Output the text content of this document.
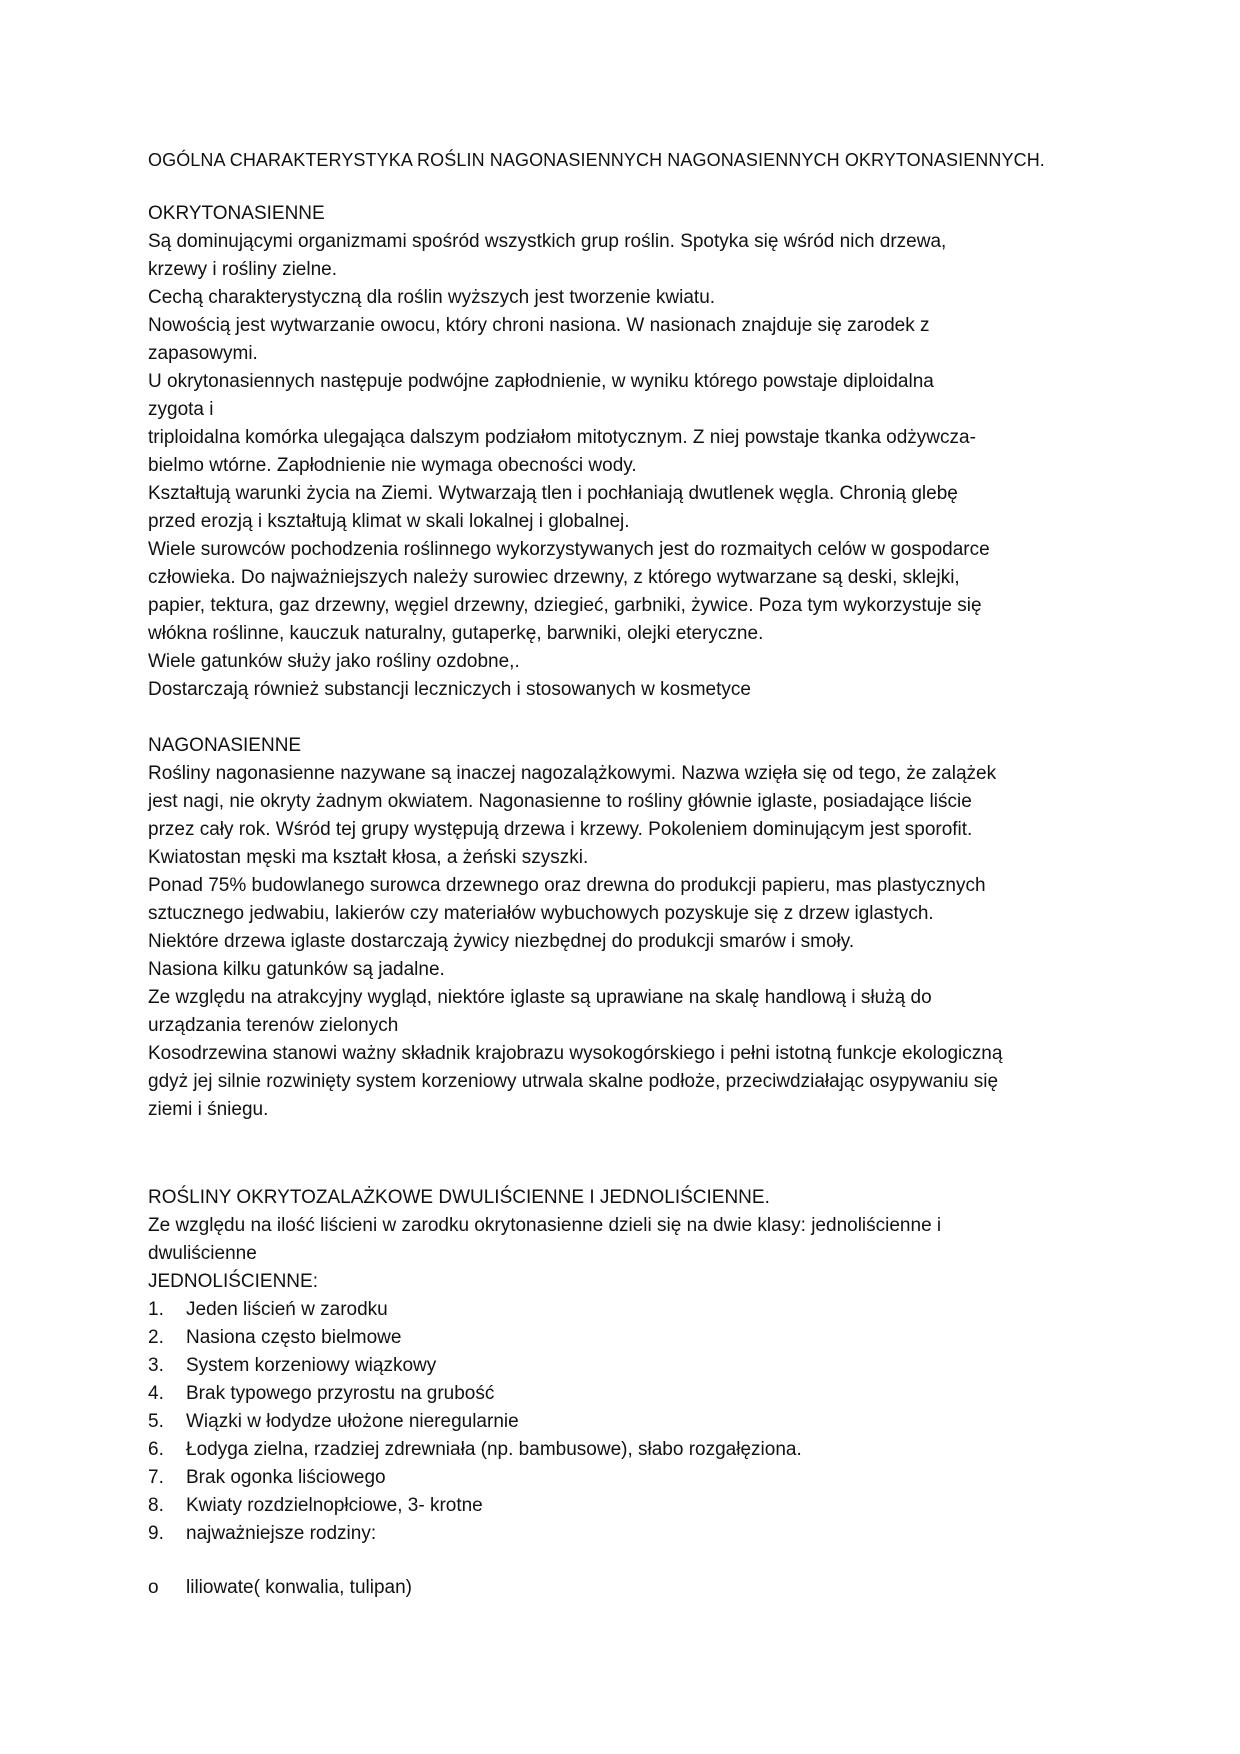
OGÓLNA CHARAKTERYSTYKA ROŚLIN NAGONASIENNYCH NAGONASIENNYCH OKRYTONASIENNYCH.

OKRYTONASIENNE

Są dominującymi organizmami spośród wszystkich grup roślin. Spotyka się wśród nich drzewa,
krzewy i rośliny zielne.

Cechą charakterystyczną dla roślin wyższych jest tworzenie kwiatu.

Nowością jest wytwarzanie owocu, który chroni nasiona. W nasionach znajduje się zarodek z
zapasowymi.

U okrytonasiennych następuje podwójne zapłodnienie, w wyniku którego powstaje diploidalna
zygota i

triploidalna komórka ulegająca dalszym podziałom mitotycznym. Z niej powstaje tkanka odżywcza-
bielmo wtórne. Zapłodnienie nie wymaga obecności wody.

Kształtują warunki życia na Ziemi. Wytwarzają tlen i pochłaniają dwutlenek węgla. Chronią glebę
przed erozją i kształtują klimat w skali lokalnej i globalnej.

Wiele surowców pochodzenia roślinnego wykorzystywanych jest do rozmaitych celów w gospodarce
człowieka. Do najważniejszych należy surowiec drzewny, z którego wytwarzane są deski, sklejki,
papier, tektura, gaz drzewny, węgiel drzewny, dziegieć, garbniki, żywice. Poza tym wykorzystuje się
włókna roślinne, kauczuk naturalny, gutaperkę, barwniki, olejki eteryczne.

Wiele gatunków służy jako rośliny ozdobne,.

Dostarczają również substancji leczniczych i stosowanych w kosmetyce

NAGONASIENNE

Rośliny nagonasienne nazywane są inaczej nagozalążkowymi. Nazwa wzięła się od tego, że zalążek
jest nagi, nie okryty żadnym okwiatem. Nagonasienne to rośliny głównie iglaste, posiadające liście
przez cały rok. Wśród tej grupy występują drzewa i krzewy. Pokoleniem dominującym jest sporofit.
Kwiatostan męski ma kształt kłosa, a żeński szyszki.

Ponad 75% budowlanego surowca drzewnego oraz drewna do produkcji papieru, mas plastycznych
sztucznego jedwabiu, lakierów czy materiałów wybuchowych pozyskuje się z drzew iglastych.

Niektóre drzewa iglaste dostarczają żywicy niezbędnej do produkcji smarów i smoły.

Nasiona kilku gatunków są jadalne.

Ze względu na atrakcyjny wygląd, niektóre iglaste są uprawiane na skalę handlową i służą do
urządzania terenów zielonych

Kosodrzewina stanowi ważny składnik krajobrazu wysokogórskiego i pełni istotną funkcje ekologiczną
gdyż jej silnie rozwinięty system korzeniowy utrwala skalne podłoże, przeciwdziałając osypywaniu się
ziemi i śniegu.

ROŚLINY OKRYTOZALAŻKOWE DWULIŚCIENNE I JEDNOLIŚCIENNE.

Ze względu na ilość liścieni w zarodku okrytonasienne dzieli się na dwie klasy: jednoliścienne i
dwuliścienne

JEDNOLIŚCIENNE:

1.	Jeden liścień w zarodku
2.	Nasiona często bielmowe
3.	System korzeniowy wiązkowy
4.	Brak typowego przyrostu na grubość
5.	Wiązki w łodydze ułożone nieregularnie
6.	Łodyga zielna, rzadziej zdrewniała (np. bambusowe), słabo rozgałęziona.
7.	Brak ogonka liściowego
8.	Kwiaty rozdzielnopłciowe, 3- krotne
9.	najważniejsze rodziny:
o	liliowate( konwalia, tulipan)
